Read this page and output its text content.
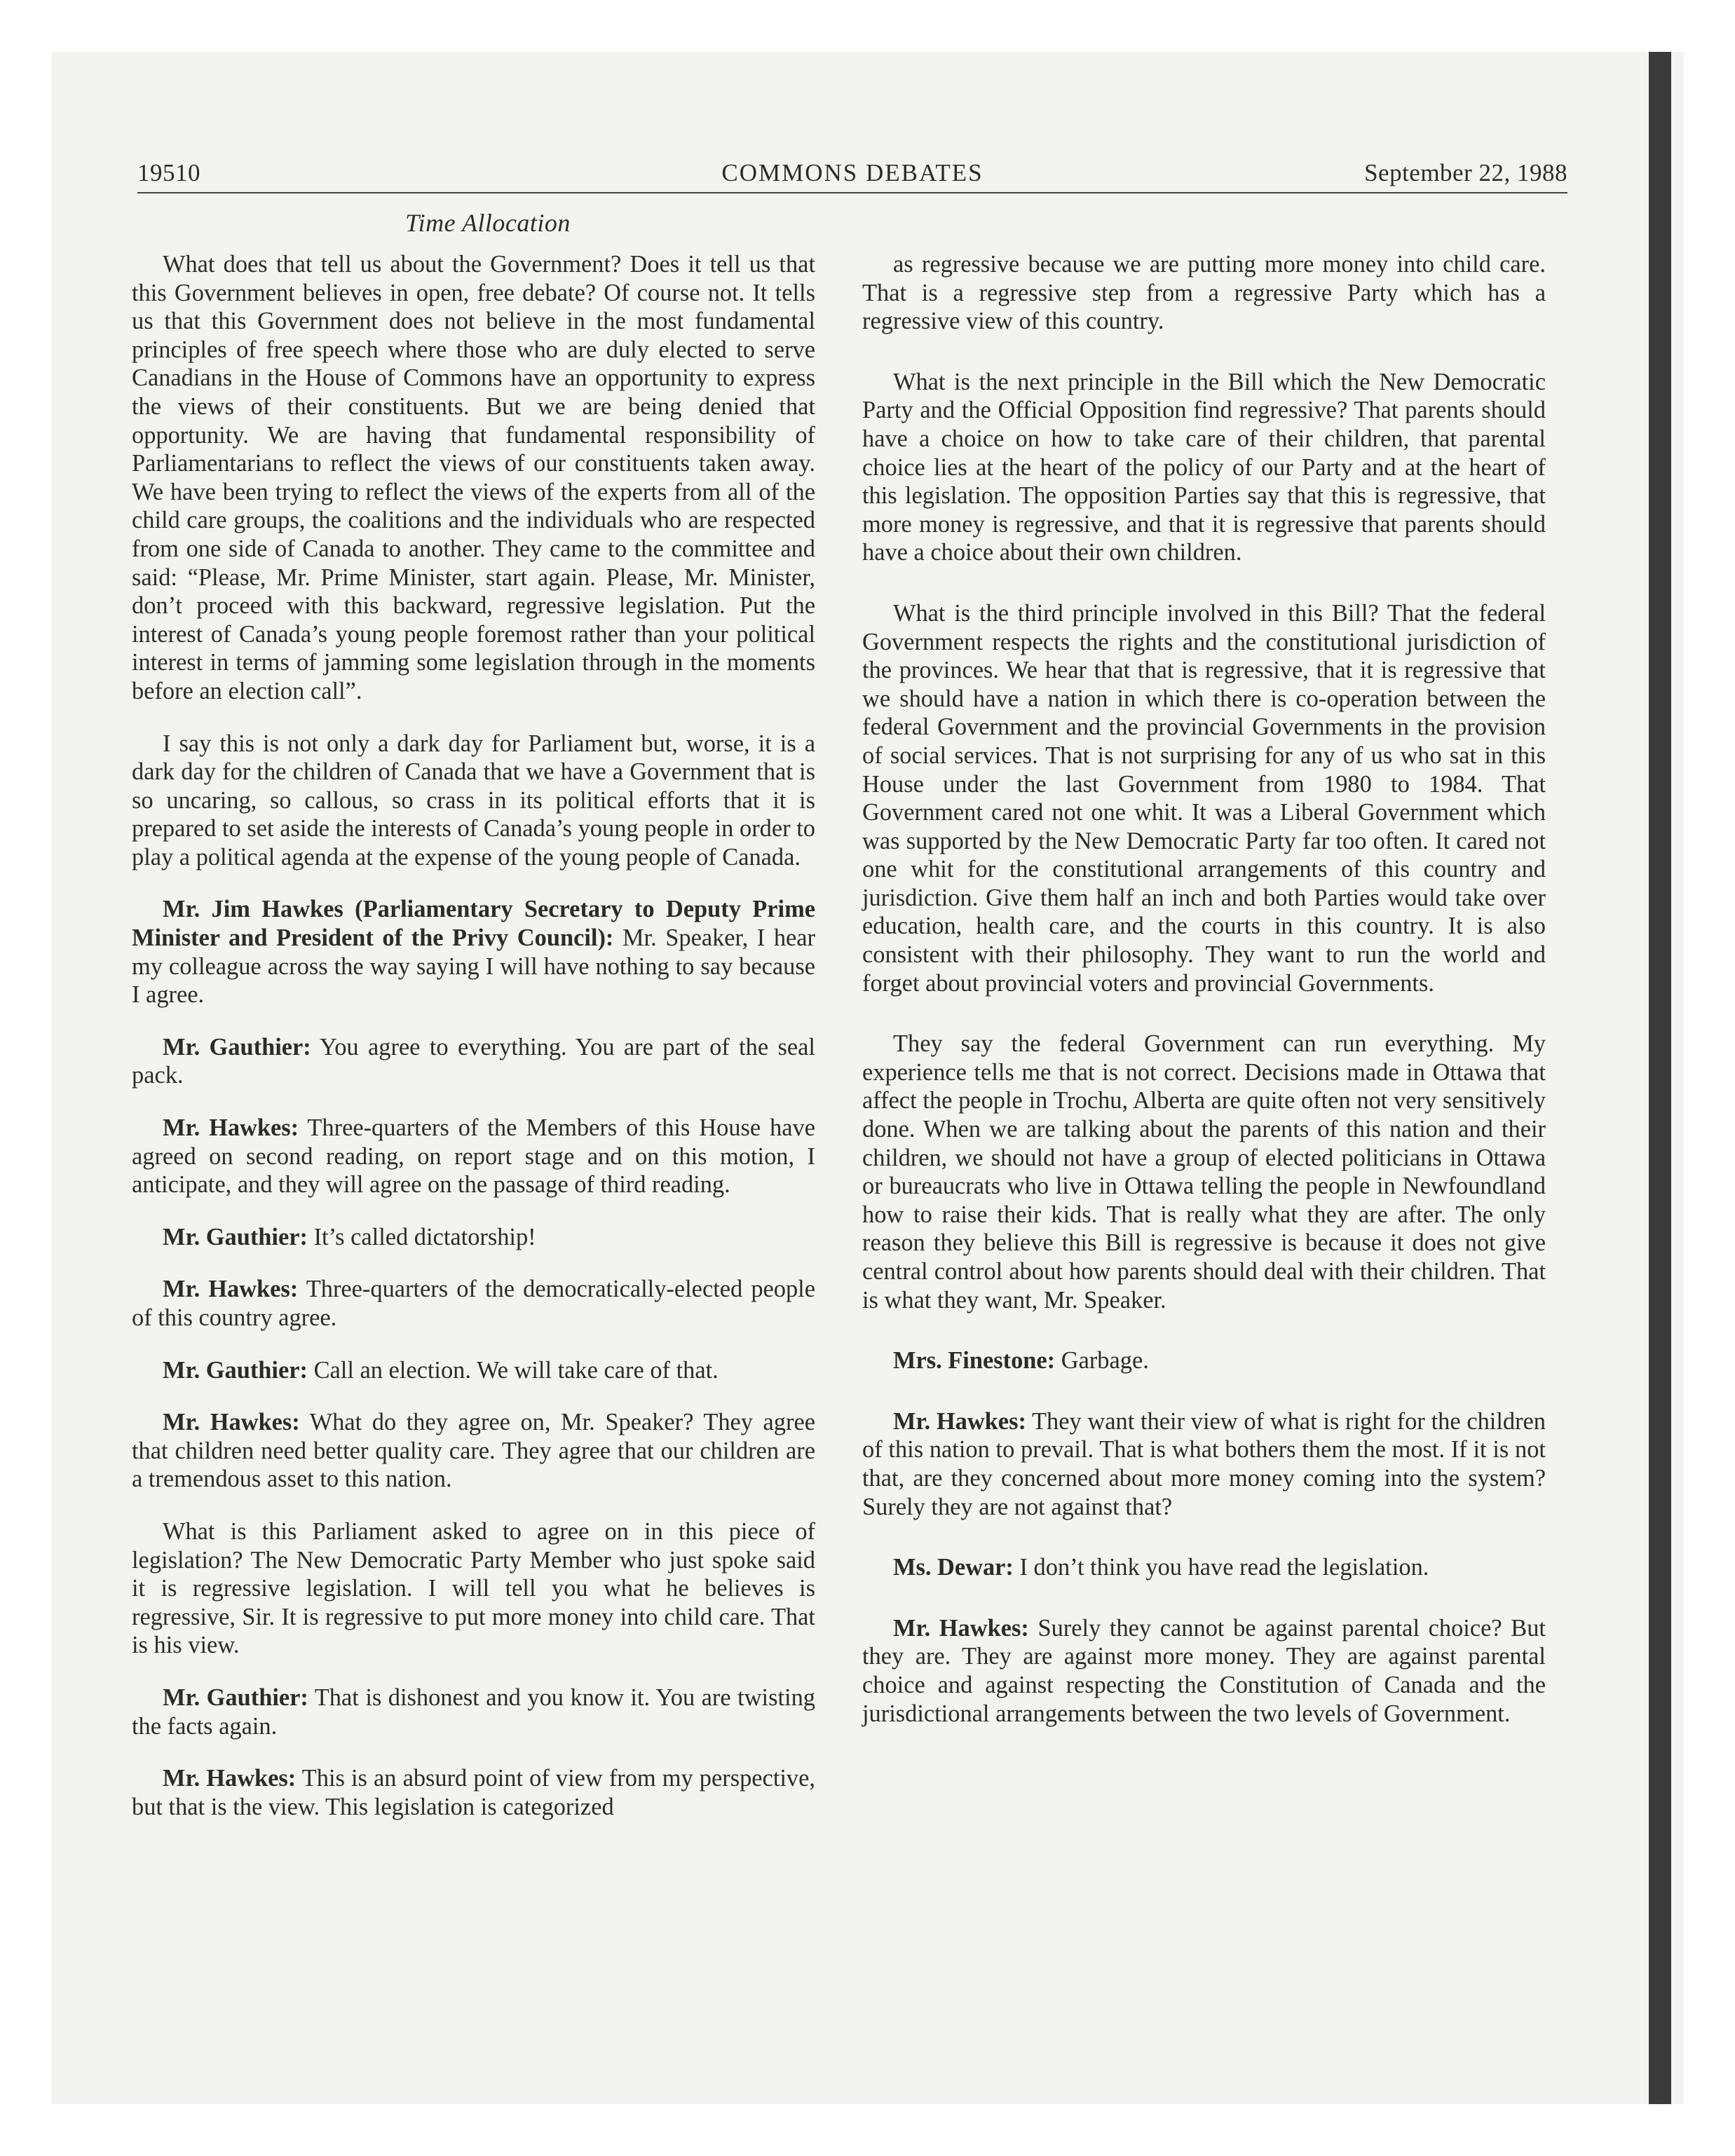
19510	COMMONS DEBATES	September 22, 1988
Time Allocation

What does that tell us about the Government? Does it tell us that this Government believes in open, free debate? Of course not. It tells us that this Government does not believe in the most fundamental principles of free speech where those who are duly elected to serve Canadians in the House of Commons have an opportunity to express the views of their constituents. But we are being denied that opportunity. We are having that fundamental responsibility of Parliamentarians to reflect the views of our constituents taken away. We have been trying to reflect the views of the experts from all of the child care groups, the coalitions and the individuals who are respected from one side of Canada to another. They came to the committee and said: “Please, Mr. Prime Minister, start again. Please, Mr. Minister, don’t proceed with this backward, regressive legislation. Put the interest of Canada’s young people foremost rather than your political interest in terms of jamming some legislation through in the moments before an election call”.

I say this is not only a dark day for Parliament but, worse, it is a dark day for the children of Canada that we have a Government that is so uncaring, so callous, so crass in its political efforts that it is prepared to set aside the interests of Canada’s young people in order to play a political agenda at the expense of the young people of Canada.

Mr. Jim Hawkes (Parliamentary Secretary to Deputy Prime Minister and President of the Privy Council): Mr. Speaker, I hear my colleague across the way saying I will have nothing to say because I agree.

Mr. Gauthier: You agree to everything. You are part of the seal pack.

Mr. Hawkes: Three-quarters of the Members of this House have agreed on second reading, on report stage and on this motion, I anticipate, and they will agree on the passage of third reading.

Mr. Gauthier: It’s called dictatorship!

Mr. Hawkes: Three-quarters of the democratically-elected people of this country agree.

Mr. Gauthier: Call an election. We will take care of that.

Mr. Hawkes: What do they agree on, Mr. Speaker? They agree that children need better quality care. They agree that our children are a tremendous asset to this nation.

What is this Parliament asked to agree on in this piece of legislation? The New Democratic Party Member who just spoke said it is regressive legislation. I will tell you what he believes is regressive, Sir. It is regressive to put more money into child care. That is his view.

Mr. Gauthier: That is dishonest and you know it. You are twisting the facts again.

Mr. Hawkes: This is an absurd point of view from my perspective, but that is the view. This legislation is categorized

as regressive because we are putting more money into child care. That is a regressive step from a regressive Party which has a regressive view of this country.

What is the next principle in the Bill which the New Democratic Party and the Official Opposition find regressive? That parents should have a choice on how to take care of their children, that parental choice lies at the heart of the policy of our Party and at the heart of this legislation. The opposition Parties say that this is regressive, that more money is regressive, and that it is regressive that parents should have a choice about their own children.

What is the third principle involved in this Bill? That the federal Government respects the rights and the constitutional jurisdiction of the provinces. We hear that that is regressive, that it is regressive that we should have a nation in which there is co-operation between the federal Government and the provincial Governments in the provision of social services. That is not surprising for any of us who sat in this House under the last Government from 1980 to 1984. That Government cared not one whit. It was a Liberal Government which was supported by the New Democratic Party far too often. It cared not one whit for the constitutional arrangements of this country and jurisdiction. Give them half an inch and both Parties would take over education, health care, and the courts in this country. It is also consistent with their philosophy. They want to run the world and forget about provincial voters and provincial Governments.

They say the federal Government can run everything. My experience tells me that is not correct. Decisions made in Ottawa that affect the people in Trochu, Alberta are quite often not very sensitively done. When we are talking about the parents of this nation and their children, we should not have a group of elected politicians in Ottawa or bureaucrats who live in Ottawa telling the people in Newfoundland how to raise their kids. That is really what they are after. The only reason they believe this Bill is regressive is because it does not give central control about how parents should deal with their children. That is what they want, Mr. Speaker.

Mrs. Finestone: Garbage.

Mr. Hawkes: They want their view of what is right for the children of this nation to prevail. That is what bothers them the most. If it is not that, are they concerned about more money coming into the system? Surely they are not against that?

Ms. Dewar: I don’t think you have read the legislation.

Mr. Hawkes: Surely they cannot be against parental choice? But they are. They are against more money. They are against parental choice and against respecting the Constitution of Canada and the jurisdictional arrangements between the two levels of Government.
